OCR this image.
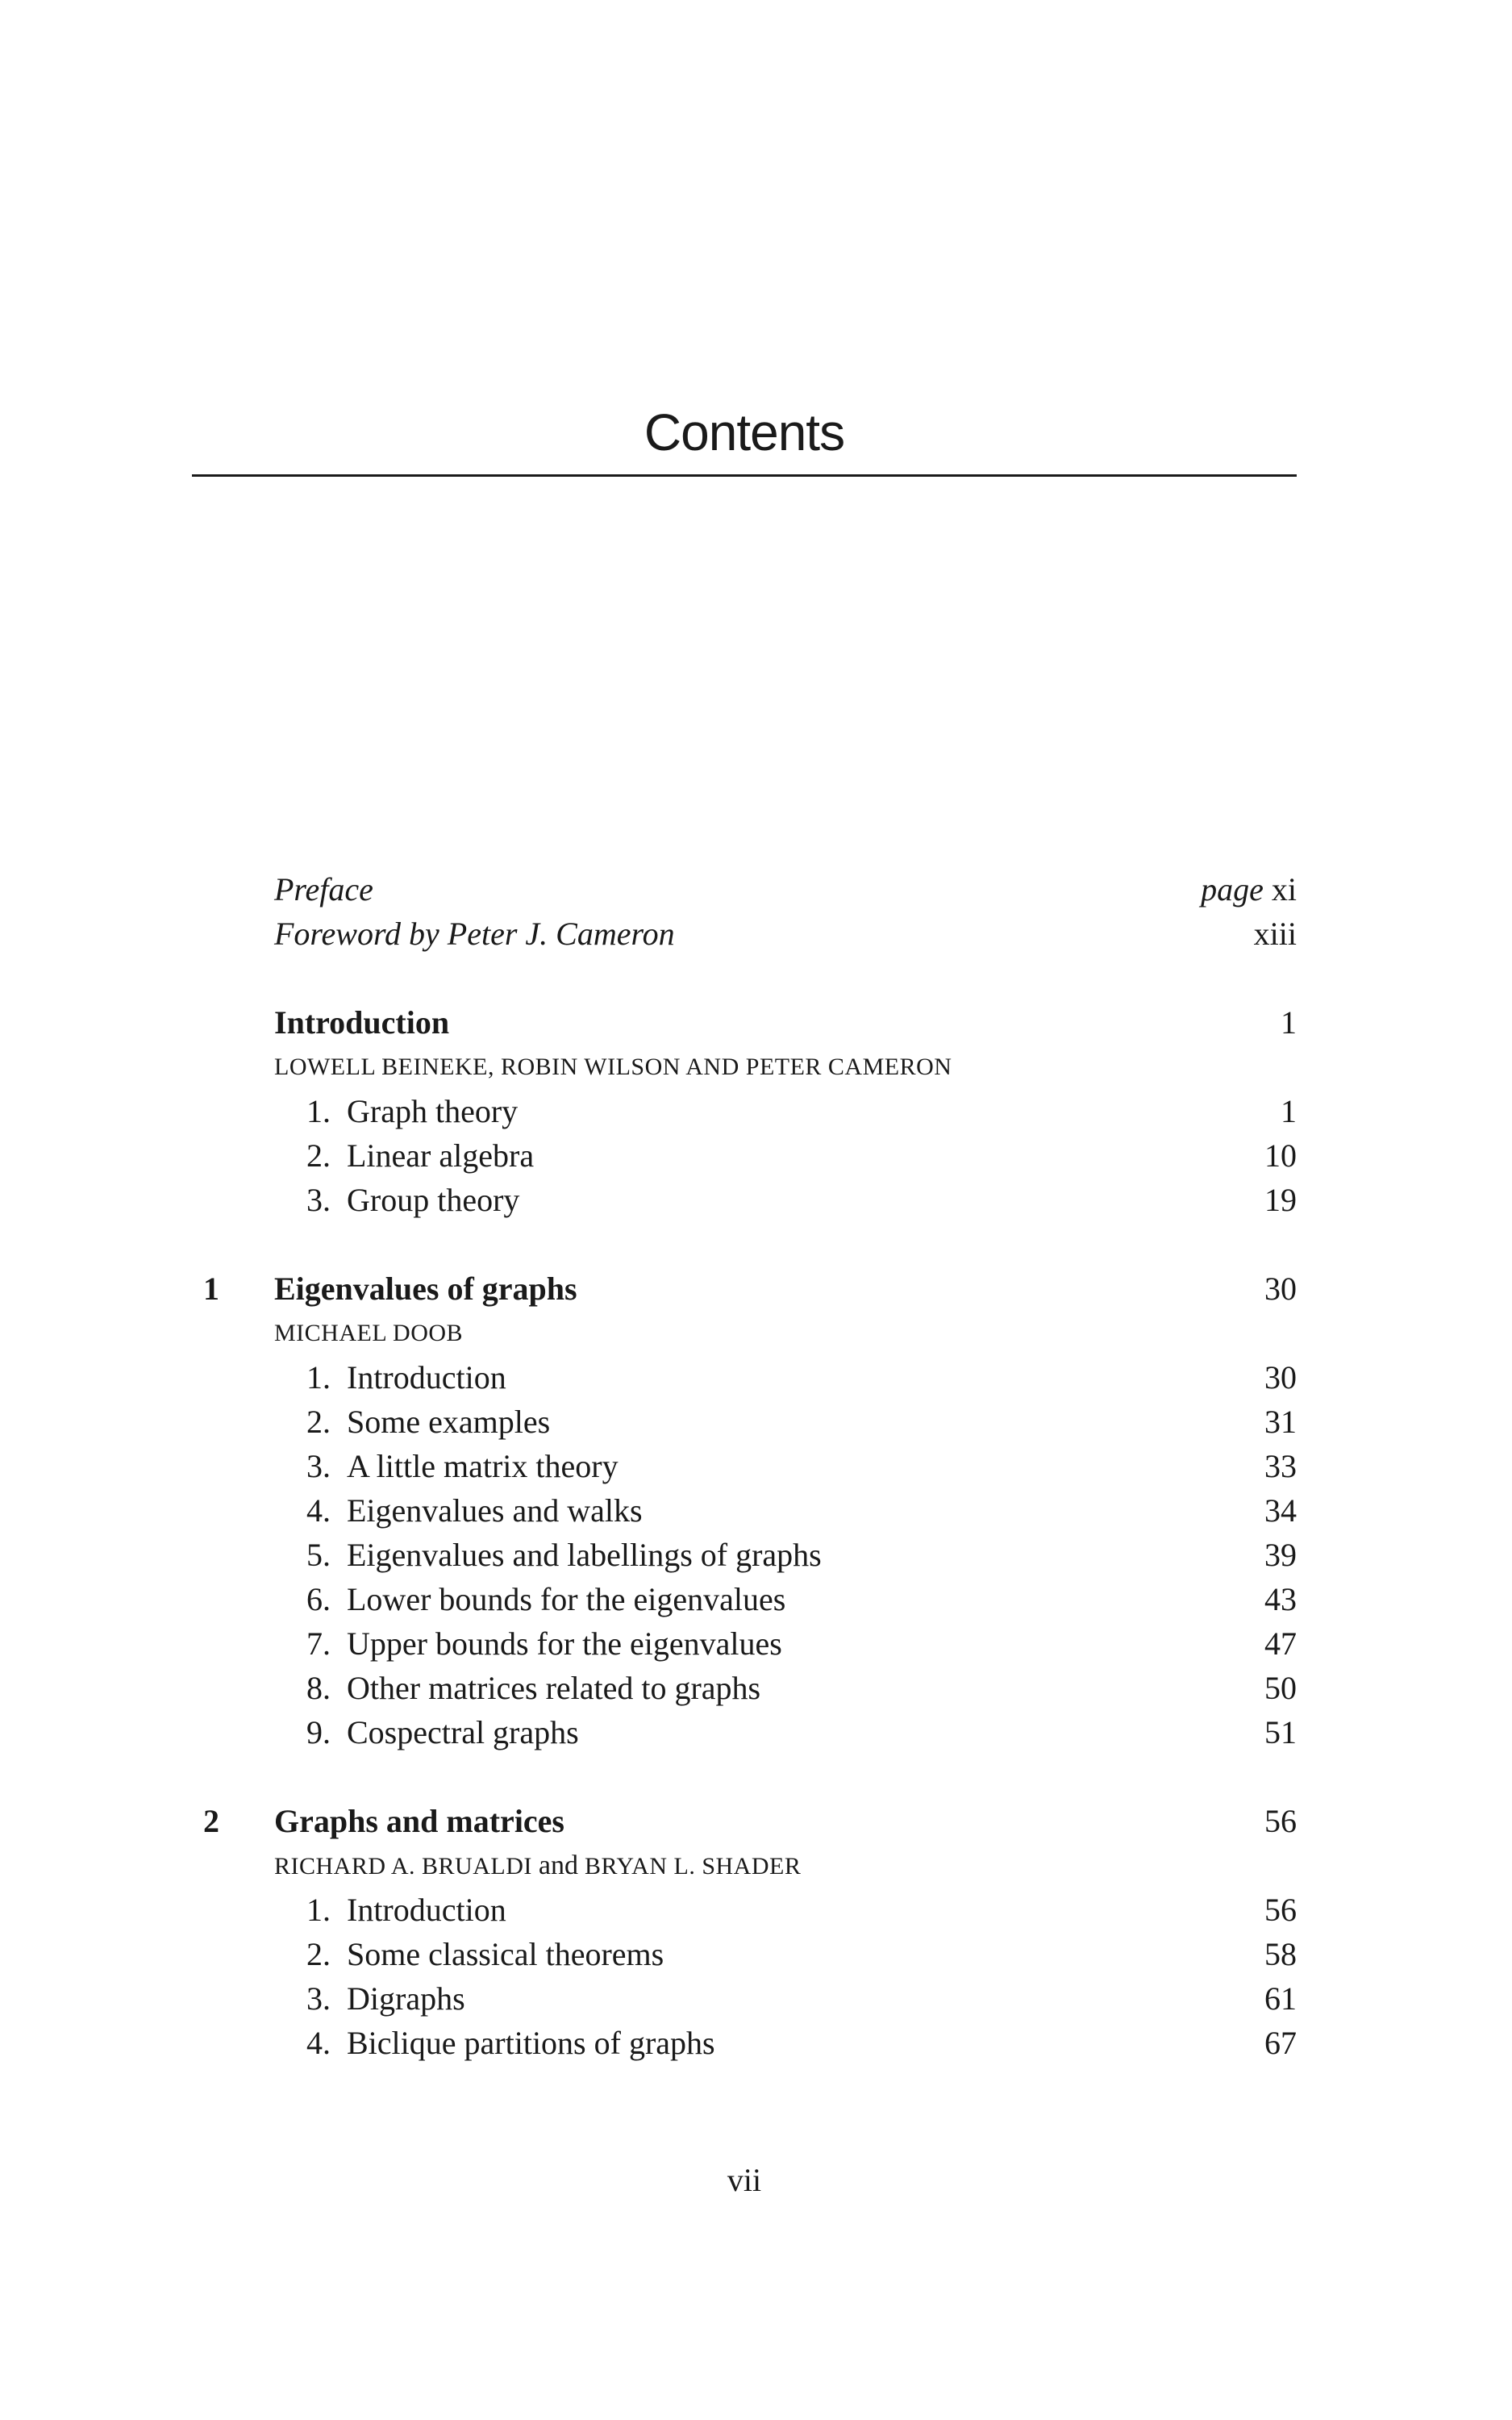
Contents
Preface	page xi
Foreword by Peter J. Cameron	xiii
Introduction	1
LOWELL BEINEKE, ROBIN WILSON AND PETER CAMERON
1. Graph theory	1
2. Linear algebra	10
3. Group theory	19
1	Eigenvalues of graphs	30
MICHAEL DOOB
1. Introduction	30
2. Some examples	31
3. A little matrix theory	33
4. Eigenvalues and walks	34
5. Eigenvalues and labellings of graphs	39
6. Lower bounds for the eigenvalues	43
7. Upper bounds for the eigenvalues	47
8. Other matrices related to graphs	50
9. Cospectral graphs	51
2	Graphs and matrices	56
RICHARD A. BRUALDI and BRYAN L. SHADER
1. Introduction	56
2. Some classical theorems	58
3. Digraphs	61
4. Biclique partitions of graphs	67
vii
